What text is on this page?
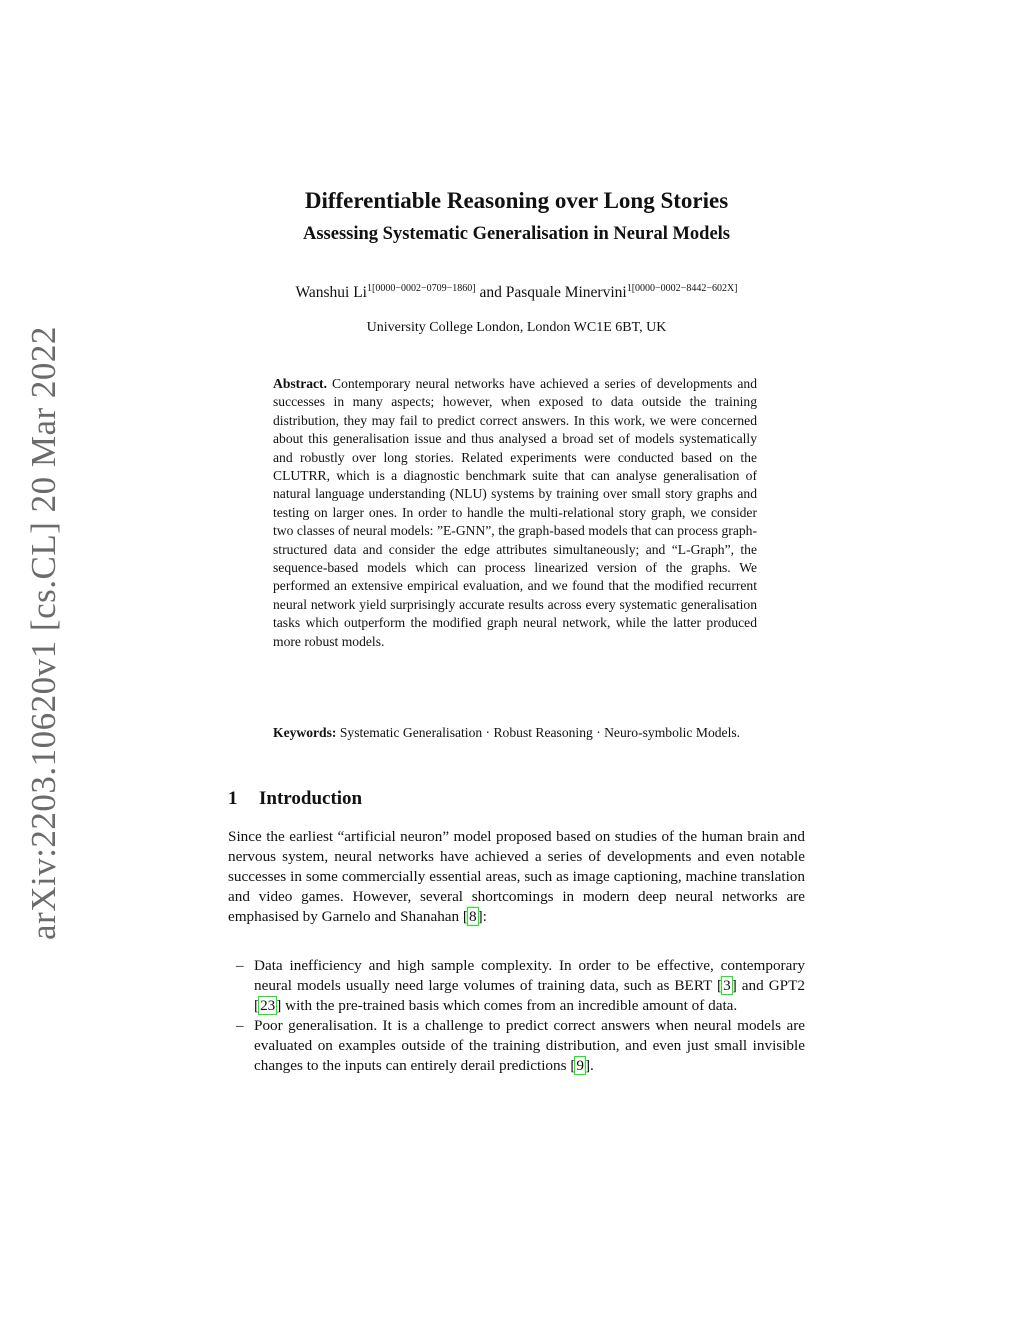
arXiv:2203.10620v1 [cs.CL] 20 Mar 2022
Differentiable Reasoning over Long Stories
Assessing Systematic Generalisation in Neural Models
Wanshui $Li^{1[0000-0002-0709-1860]}$ and Pasquale Minervini$^{1[0000-0002-8442-602X]}$
University College London, London WC1E 6BT, UK
Abstract. Contemporary neural networks have achieved a series of developments and successes in many aspects; however, when exposed to data outside the training distribution, they may fail to predict correct answers. In this work, we were concerned about this generalisation issue and thus analysed a broad set of models systematically and robustly over long stories. Related experiments were conducted based on the CLUTRR, which is a diagnostic benchmark suite that can analyse generalisation of natural language understanding (NLU) systems by training over small story graphs and testing on larger ones. In order to handle the multi-relational story graph, we consider two classes of neural models: ”E-GNN”, the graph-based models that can process graph-structured data and consider the edge attributes simultaneously; and “L-Graph”, the sequence-based models which can process linearized version of the graphs. We performed an extensive empirical evaluation, and we found that the modified recurrent neural network yield surprisingly accurate results across every systematic generalisation tasks which outperform the modified graph neural network, while the latter produced more robust models.
Keywords: Systematic Generalisation · Robust Reasoning · Neuro-symbolic Models.
1 Introduction
Since the earliest “artificial neuron” model proposed based on studies of the human brain and nervous system, neural networks have achieved a series of developments and even notable successes in some commercially essential areas, such as image captioning, machine translation and video games. However, several shortcomings in modern deep neural networks are emphasised by Garnelo and Shanahan [8]:
– Data inefficiency and high sample complexity. In order to be effective, contemporary neural models usually need large volumes of training data, such as BERT [3] and GPT2 [23] with the pre-trained basis which comes from an incredible amount of data.
– Poor generalisation. It is a challenge to predict correct answers when neural models are evaluated on examples outside of the training distribution, and even just small invisible changes to the inputs can entirely derail predictions [9].
